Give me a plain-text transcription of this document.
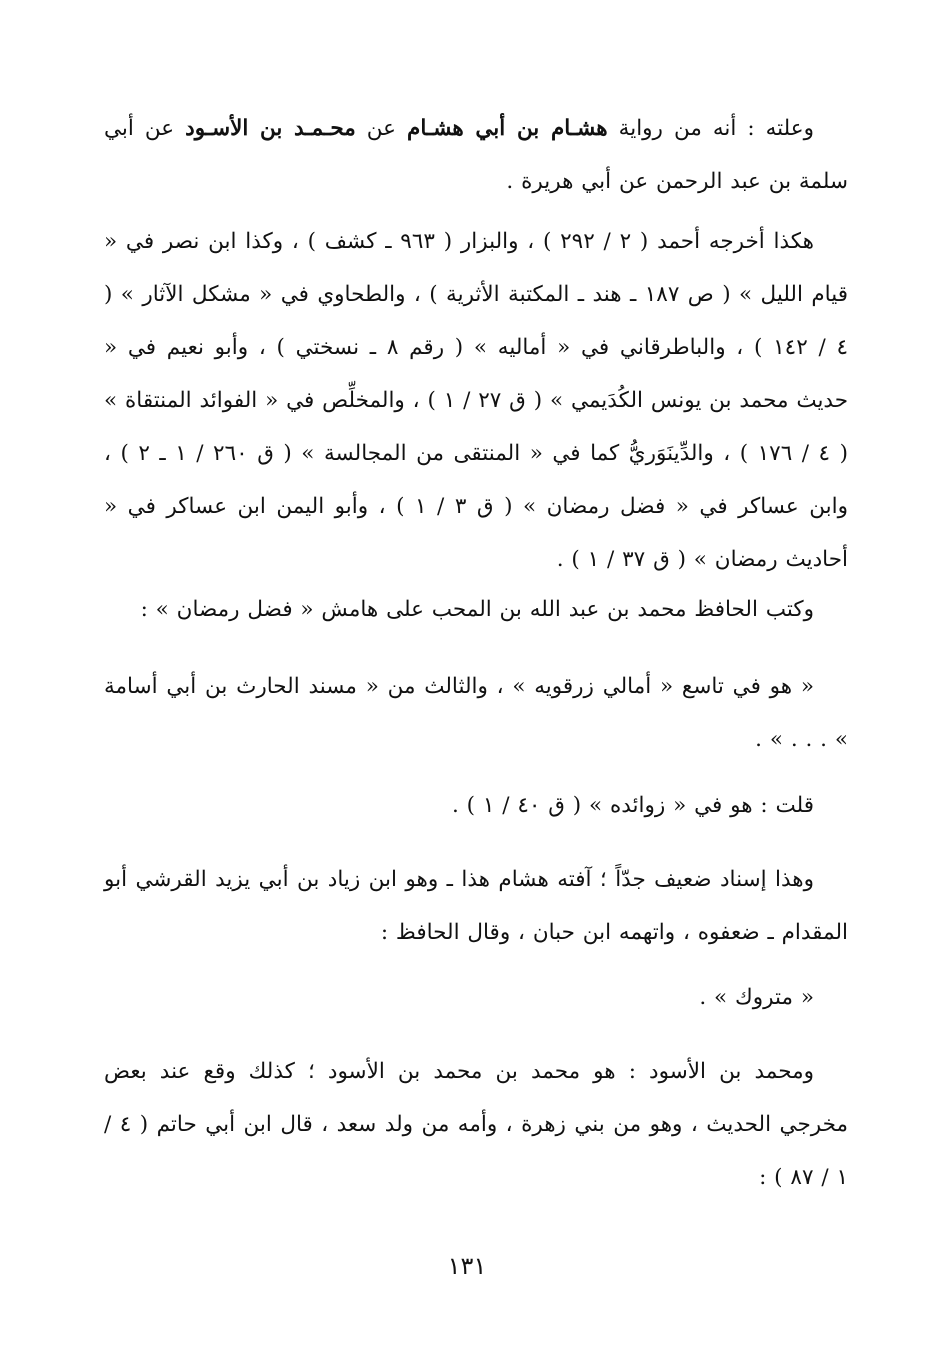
وعلته : أنه من رواية هشـام بن أبي هشـام عن محـمـد بن الأسـود عن أبي سلمة بن عبد الرحمن عن أبي هريرة .
هكذا أخرجه أحمد ( ٢ / ٢٩٢ ) ، والبزار ( ٩٦٣ ـ كشف ) ، وكذا ابن نصر في « قيام الليل » ( ص ١٨٧ ـ هند ـ المكتبة الأثرية ) ، والطحاوي في « مشكل الآثار » ( ٤ / ١٤٢ ) ، والباطرقاني في « أماليه » ( رقم ٨ ـ نسختي ) ، وأبو نعيم في « حديث محمد بن يونس الكُدَيمي » ( ق ٢٧ / ١ ) ، والمخلِّص في « الفوائد المنتقاة » ( ٤ / ١٧٦ ) ، والدِّينَوَريُّ كما في « المنتقى من المجالسة » ( ق ٢٦٠ / ١ ـ ٢ ) ، وابن عساكر في « فضل رمضان » ( ق ٣ / ١ ) ، وأبو اليمن ابن عساكر في « أحاديث رمضان » ( ق ٣٧ / ١ ) .
وكتب الحافظ محمد بن عبد الله بن المحب على هامش « فضل رمضان » :
« هو في تاسع « أمالي زرقويه » ، والثالث من « مسند الحارث بن أبي أسامة » . . . » .
قلت : هو في « زوائده » ( ق ٤٠ / ١ ) .
وهذا إسناد ضعيف جدّاً ؛ آفته هشام هذا ـ وهو ابن زياد بن أبي يزيد القرشي أبو المقدام ـ ضعفوه ، واتهمه ابن حبان ، وقال الحافظ :
« متروك » .
ومحمد بن الأسود : هو محمد بن محمد بن الأسود ؛ كذلك وقع عند بعض مخرجي الحديث ، وهو من بني زهرة ، وأمه من ولد سعد ، قال ابن أبي حاتم ( ٤ / ١ / ٨٧ ) :
١٣١
